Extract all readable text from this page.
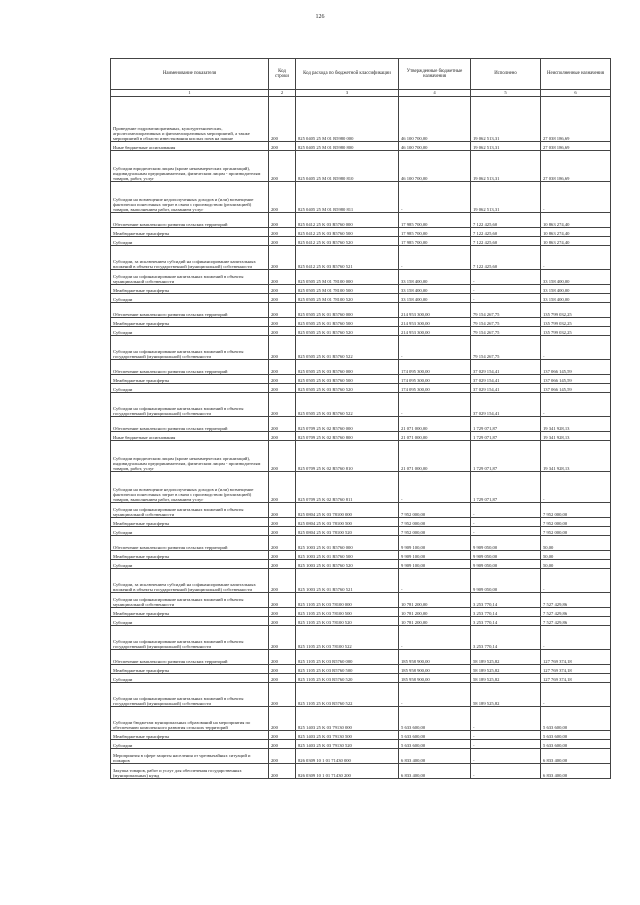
126
Наименование показателя	Код строки	Код расхода по бюджетной классификации	Утвержденные бюджетные назначения	Исполнено	Неисполненные назначения
1	2	3	4	5	6
Проведение гидромелиоративных, культуртехнических, агролесомелиоративных и фитомелиоративных мероприятий, а также мероприятий в области известкования кислых почв на пашне	200	825 0405 25 M 01 R5980 000	46 100 700,00	19 062 513,31	27 038 186,69
Иные бюджетные ассигнования	200	825 0405 25 M 01 R5980 800	46 100 700,00	19 062 513,31	27 038 186,69
Субсидии юридическим лицам (кроме некоммерческих организаций), индивидуальным предпринимателям, физическим лицам - производителям товаров, работ, услуг	200	825 0405 25 M 01 R5980 810	46 100 700,00	19 062 513,31	27 038 186,69
Субсидии на возмещение недополученных доходов и (или) возмещение фактически понесенных затрат в связи с производством (реализацией) товаров, выполнением работ, оказанием услуг	200	825 0405 25 M 01 R5980 811	-	19 062 513,31	-
Обеспечение комплексного развития сельских территорий	200	825 0412 25 K 03 R5760 000	17 985 700,00	7 122 425,60	10 863 274,40
Межбюджетные трансферты	200	825 0412 25 K 03 R5760 500	17 985 700,00	7 122 425,60	10 863 274,40
Субсидии	200	825 0412 25 K 03 R5760 520	17 985 700,00	7 122 425,60	10 863 274,40
Субсидии, за исключением субсидий на софинансирование капитальных вложений в объекты государственной (муниципальной) собственности	200	825 0412 25 K 03 R5760 521	-	7 122 425,60	-
Субсидии на софинансирование капитальных вложений в объекты муниципальной собственности	200	825 0505 25 M 01 78100 000	33 158 400,00	-	33 158 400,00
Межбюджетные трансферты	200	825 0505 25 M 01 78100 500	33 158 400,00	-	33 158 400,00
Субсидии	200	825 0505 25 M 01 78100 520	33 158 400,00	-	33 158 400,00
Обеспечение комплексного развития сельских территорий	200	825 0505 25 K 01 R5760 000	214 953 300,00	79 154 267,75	135 799 032,25
Межбюджетные трансферты	200	825 0505 25 K 01 R5760 500	214 953 300,00	79 154 267,75	135 799 032,25
Субсидии	200	825 0505 25 K 01 R5760 520	214 953 300,00	79 154 267,75	135 799 032,25
Субсидии на софинансирование капитальных вложений в объекты государственной (муниципальной) собственности	200	825 0505 25 K 01 R5760 522	-	79 154 267,75	-
Обеспечение комплексного развития сельских территорий	200	825 0505 25 K 03 R5760 000	174 095 300,00	37 029 154,41	137 066 145,59
Межбюджетные трансферты	200	825 0505 25 K 03 R5760 500	174 095 300,00	37 029 154,41	137 066 145,59
Субсидии	200	825 0505 25 K 03 R5760 520	174 095 300,00	37 029 154,41	137 066 145,59
Субсидии на софинансирование капитальных вложений в объекты государственной (муниципальной) собственности	200	825 0505 25 K 03 R5760 522	-	37 029 154,41	-
Обеспечение комплексного развития сельских территорий	200	825 0709 25 K 02 R5760 000	21 071 000,00	1 729 071,87	19 341 928,13
Иные бюджетные ассигнования	200	825 0709 25 K 02 R5760 800	21 071 000,00	1 729 071,87	19 341 928,13
Субсидии юридическим лицам (кроме некоммерческих организаций), индивидуальным предпринимателям, физическим лицам - производителям товаров, работ, услуг	200	825 0709 25 K 02 R5760 810	21 071 000,00	1 729 071,87	19 341 928,13
Субсидии на возмещение недополученных доходов и (или) возмещение фактически понесенных затрат в связи с производством (реализацией) товаров, выполнением работ, оказанием услуг	200	825 0709 25 K 02 R5760 811	-	1 729 071,87	-
Субсидии на софинансирование капитальных вложений в объекты муниципальной собственности	200	825 0804 25 K 03 78100 000	7 952 000,00	-	7 952 000,00
Межбюджетные трансферты	200	825 0804 25 K 03 78100 500	7 952 000,00	-	7 952 000,00
Субсидии	200	825 0804 25 K 03 78100 520	7 952 000,00	-	7 952 000,00
Обеспечение комплексного развития сельских территорий	200	825 1003 25 K 01 R5760 000	9 909 100,00	9 909 050,00	50,00
Межбюджетные трансферты	200	825 1003 25 K 01 R5760 500	9 909 100,00	9 909 050,00	50,00
Субсидии	200	825 1003 25 K 01 R5760 520	9 909 100,00	9 909 050,00	50,00
Субсидии, за исключением субсидий на софинансирование капитальных вложений в объекты государственной (муниципальной) собственности	200	825 1003 25 K 01 R5760 521	-	9 909 050,00	-
Субсидии на софинансирование капитальных вложений в объекты муниципальной собственности	200	825 1105 25 K 03 78100 000	10 781 200,00	3 253 770,14	7 527 429,86
Межбюджетные трансферты	200	825 1105 25 K 03 78100 500	10 781 200,00	3 253 770,14	7 527 429,86
Субсидии	200	825 1105 25 K 03 78100 520	10 781 200,00	3 253 770,14	7 527 429,86
Субсидии на софинансирование капитальных вложений в объекты государственной (муниципальной) собственности	200	825 1105 25 K 03 78100 522	-	3 253 770,14	-
Обеспечение комплексного развития сельских территорий	200	825 1105 25 K 03 R5760 000	185 958 900,00	58 189 525,82	127 769 374,18
Межбюджетные трансферты	200	825 1105 25 K 03 R5760 500	185 958 900,00	58 189 525,82	127 769 374,18
Субсидии	200	825 1105 25 K 03 R5760 520	185 958 900,00	58 189 525,82	127 769 374,18
Субсидии на софинансирование капитальных вложений в объекты государственной (муниципальной) собственности	200	825 1105 25 K 03 R5760 522	-	58 189 525,82	-
Субсидии бюджетам муниципальных образований на мероприятия по обеспечению комплексного развития сельских территорий	200	825 1403 25 K 03 79130 000	5 633 600,00	-	5 633 600,00
Межбюджетные трансферты	200	825 1403 25 K 03 79130 500	5 633 600,00	-	5 633 600,00
Субсидии	200	825 1403 25 K 03 79130 520	5 633 600,00	-	5 633 600,00
Мероприятия в сфере защиты населения от чрезвычайных ситуаций и пожаров	200	826 0309 10 1 01 71430 000	6 833 400,00	-	6 833 400,00
Закупка товаров, работ и услуг для обеспечения государственных (муниципальных) нужд	200	826 0309 10 1 01 71430 200	6 833 400,00	-	6 833 400,00
